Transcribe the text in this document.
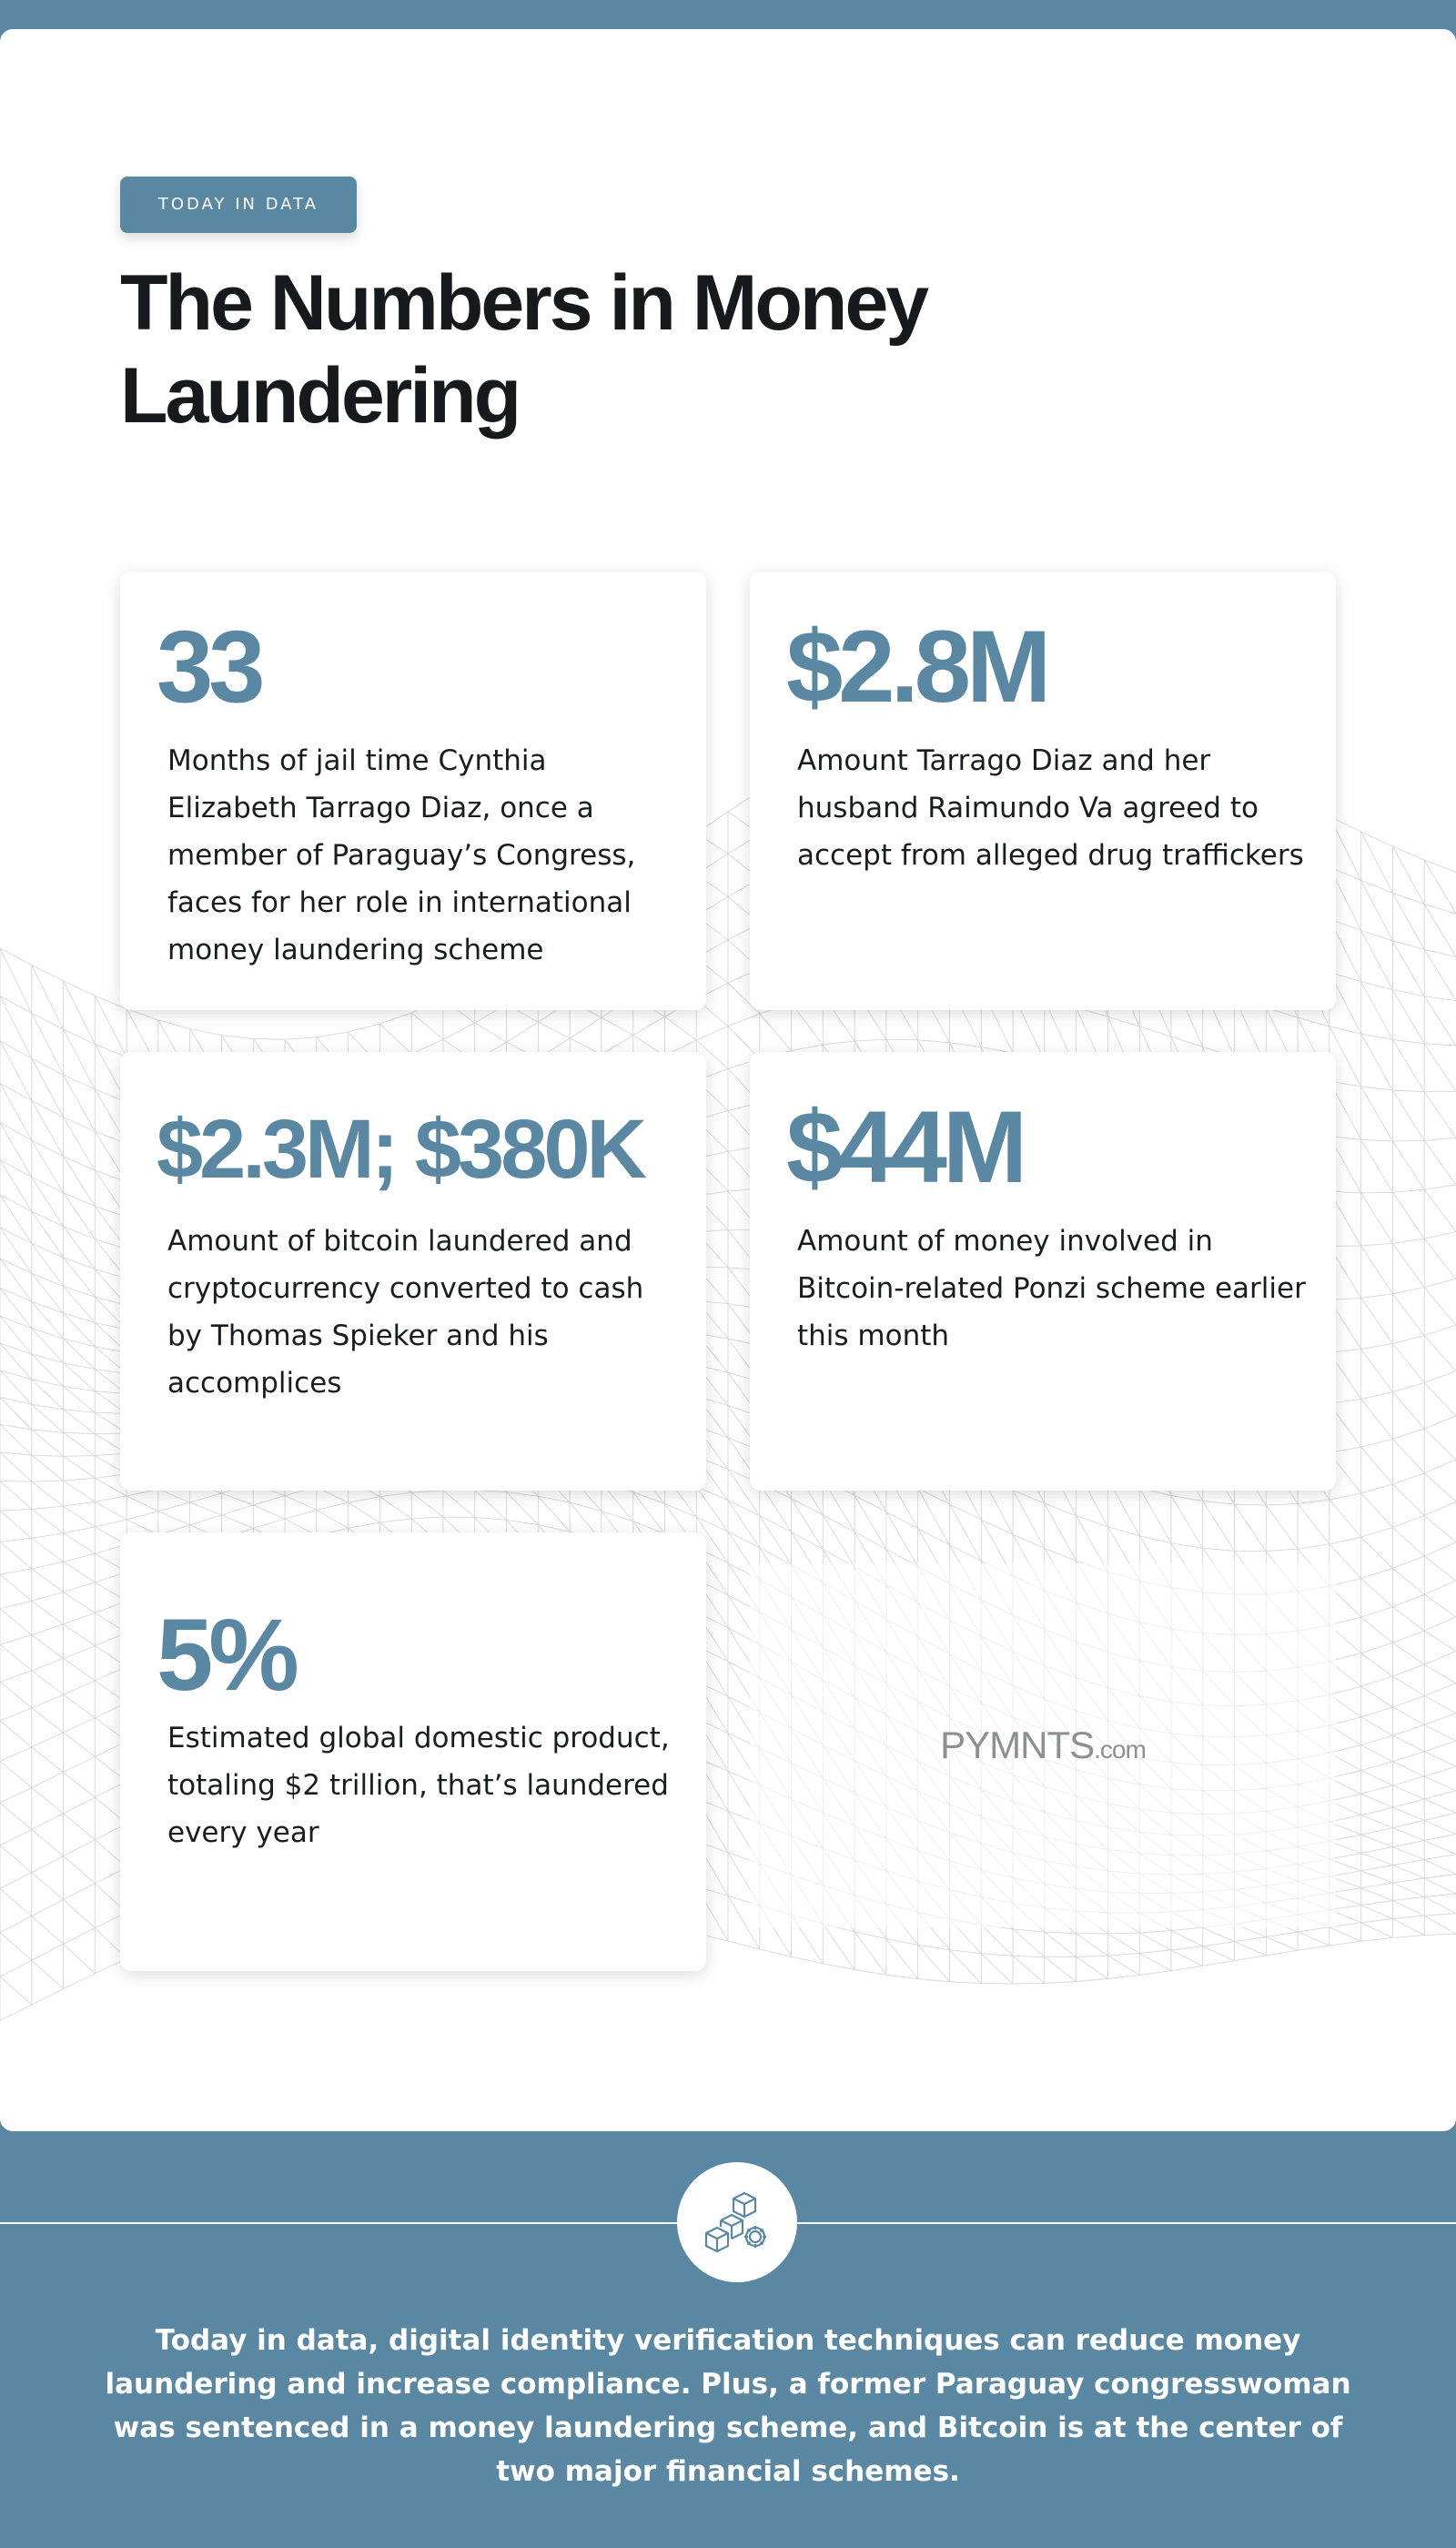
TODAY IN DATA
The Numbers in Money Laundering
33
Months of jail time Cynthia Elizabeth Tarrago Diaz, once a member of Paraguay’s Congress, faces for her role in international money laundering scheme
$2.8M
Amount Tarrago Diaz and her husband Raimundo Va agreed to accept from alleged drug traffickers
$2.3M; $380K
Amount of bitcoin laundered and cryptocurrency converted to cash by Thomas Spieker and his accomplices
$44M
Amount of money involved in Bitcoin-related Ponzi scheme earlier this month
5%
Estimated global domestic product, totaling $2 trillion, that’s laundered every year
PYMNTS.com

Today in data, digital identity verification techniques can reduce money laundering and increase compliance. Plus, a former Paraguay congresswoman was sentenced in a money laundering scheme, and Bitcoin is at the center of two major financial schemes.
